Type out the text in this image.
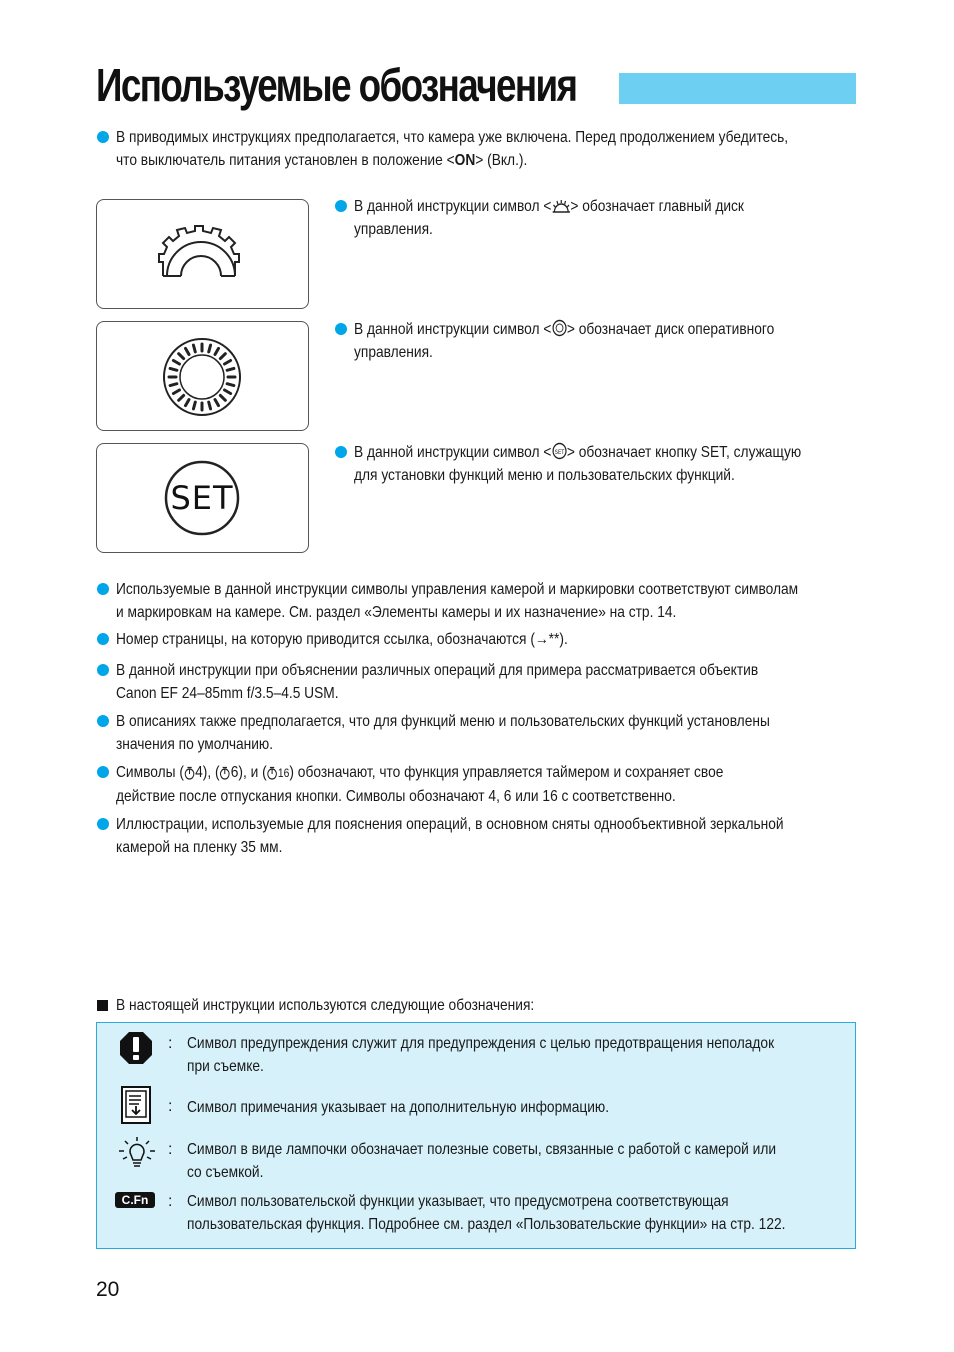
Используемые обозначения
В приводимых инструкциях предполагается, что камера уже включена. Перед продолжением убедитесь,
что выключатель питания установлен в положение <ON> (Вкл.).
В данной инструкции символ < > обозначает главный диск
управления.
В данной инструкции символ < > обозначает диск оперативного
управления.
SET
В данной инструкции символ < SET > обозначает кнопку SET, служащую
для установки функций меню и пользовательских функций.
Используемые в данной инструкции символы управления камерой и маркировки соответствуют символам
и маркировкам на камере. См. раздел «Элементы камеры и их назначение» на стр. 14.
Номер страницы, на которую приводится ссылка, обозначаются (→**).
В данной инструкции при объяснении различных операций для примера рассматривается объектив
Canon EF 24–85mm f/3.5–4.5 USM.
В описаниях также предполагается, что для функций меню и пользовательских функций установлены
значения по умолчанию.
Символы ( 4), ( 6), и ( 16) обозначают, что функция управляется таймером и сохраняет свое
действие после отпускания кнопки. Символы обозначают 4, 6 или 16 с соответственно.
Иллюстрации, используемые для пояснения операций, в основном сняты однообъективной зеркальной
камерой на пленку 35 мм.
В настоящей инструкции используются следующие обозначения:
C.Fn
:
:
:
:
Символ предупреждения служит для предупреждения с целью предотвращения неполадок
при съемке.
Символ примечания указывает на дополнительную информацию.
Символ в виде лампочки обозначает полезные советы, связанные с работой с камерой или
со съемкой.
Символ пользовательской функции указывает, что предусмотрена соответствующая
пользовательская функция. Подробнее см. раздел «Пользовательские функции» на стр. 122.
20
